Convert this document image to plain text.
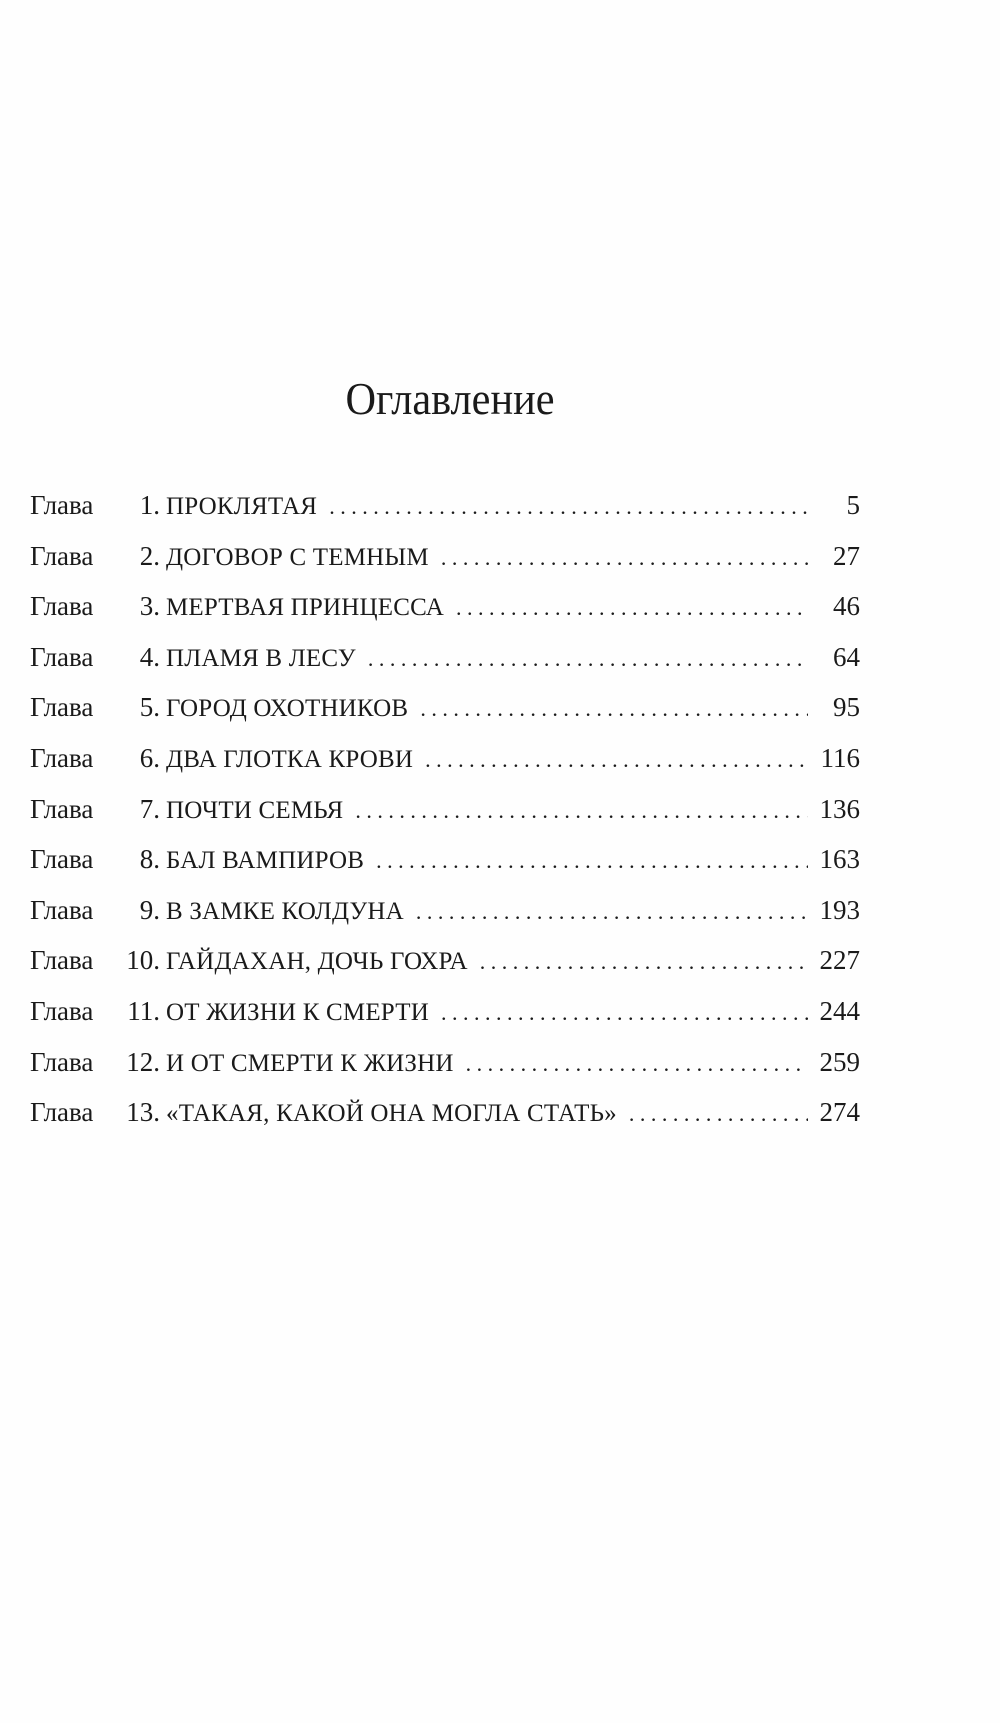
Оглавление
Глава	1. ПРОКЛЯТАЯ . . .	5
Глава	2. ДОГОВОР С ТЕМНЫМ . . .	27
Глава	3. МЕРТВАЯ ПРИНЦЕССА . . .	46
Глава	4. ПЛАМЯ В ЛЕСУ . . .	64
Глава	5. ГОРОД ОХОТНИКОВ . . .	95
Глава	6. ДВА ГЛОТКА КРОВИ . . .	116
Глава	7. ПОЧТИ СЕМЬЯ . . .	136
Глава	8. БАЛ ВАМПИРОВ . . .	163
Глава	9. В ЗАМКЕ КОЛДУНА . . .	193
Глава	10. ГАЙДАХАН, ДОЧЬ ГОХРА . . .	227
Глава	11. ОТ ЖИЗНИ К СМЕРТИ . . .	244
Глава	12. И ОТ СМЕРТИ К ЖИЗНИ . . .	259
Глава	13. «ТАКАЯ, КАКОЙ ОНА МОГЛА СТАТЬ» . . .	274
